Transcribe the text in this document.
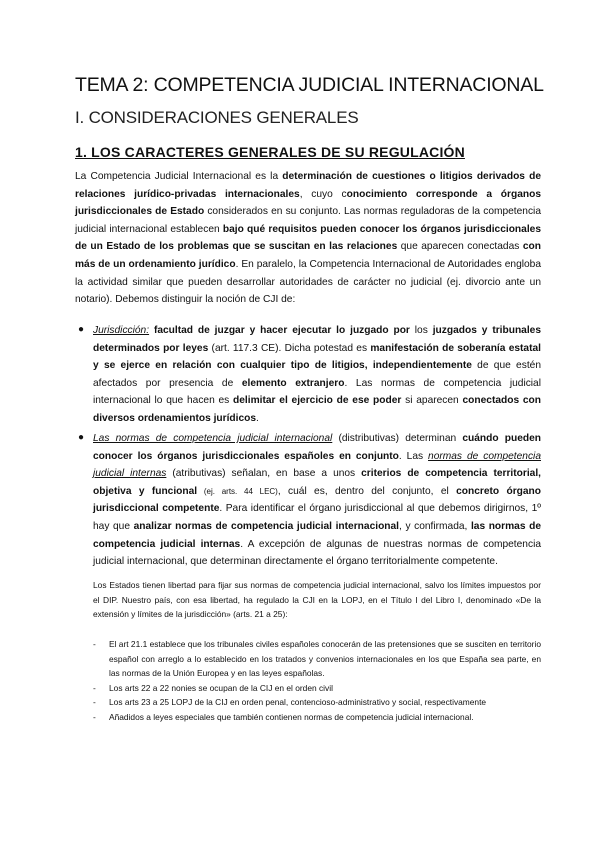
TEMA 2: COMPETENCIA JUDICIAL INTERNACIONAL
I. CONSIDERACIONES GENERALES
1. LOS CARACTERES GENERALES DE SU REGULACIÓN
La Competencia Judicial Internacional es la determinación de cuestiones o litigios derivados de relaciones jurídico-privadas internacionales, cuyo conocimiento corresponde a órganos jurisdiccionales de Estado considerados en su conjunto. Las normas reguladoras de la competencia judicial internacional establecen bajo qué requisitos pueden conocer los órganos jurisdiccionales de un Estado de los problemas que se suscitan en las relaciones que aparecen conectadas con más de un ordenamiento jurídico. En paralelo, la Competencia Internacional de Autoridades engloba la actividad similar que pueden desarrollar autoridades de carácter no judicial (ej. divorcio ante un notario). Debemos distinguir la noción de CJI de:
● Jurisdicción: facultad de juzgar y hacer ejecutar lo juzgado por los juzgados y tribunales determinados por leyes (art. 117.3 CE). Dicha potestad es manifestación de soberanía estatal y se ejerce en relación con cualquier tipo de litigios, independientemente de que estén afectados por presencia de elemento extranjero. Las normas de competencia judicial internacional lo que hacen es delimitar el ejercicio de ese poder si aparecen conectados con diversos ordenamientos jurídicos.
● Las normas de competencia judicial internacional (distributivas) determinan cuándo pueden conocer los órganos jurisdiccionales españoles en conjunto. Las normas de competencia judicial internas (atributivas) señalan, en base a unos criterios de competencia territorial, objetiva y funcional (ej. arts. 44 LEC), cuál es, dentro del conjunto, el concreto órgano jurisdiccional competente. Para identificar el órgano jurisdiccional al que debemos dirigirnos, 1º hay que analizar normas de competencia judicial internacional, y confirmada, las normas de competencia judicial internas. A excepción de algunas de nuestras normas de competencia judicial internacional, que determinan directamente el órgano territorialmente competente.
Los Estados tienen libertad para fijar sus normas de competencia judicial internacional, salvo los límites impuestos por el DIP. Nuestro país, con esa libertad, ha regulado la CJI en la LOPJ, en el Título I del Libro I, denominado «De la extensión y límites de la jurisdicción» (arts. 21 a 25):
- El art 21.1 establece que los tribunales civiles españoles conocerán de las pretensiones que se susciten en territorio español con arreglo a lo establecido en los tratados y convenios internacionales en los que España sea parte, en las normas de la Unión Europea y en las leyes españolas.
- Los arts 22 a 22 nonies se ocupan de la CIJ en el orden civil
- Los arts 23 a 25 LOPJ de la CIJ en orden penal, contencioso-administrativo y social, respectivamente
- Añadidos a leyes especiales que también contienen normas de competencia judicial internacional.
